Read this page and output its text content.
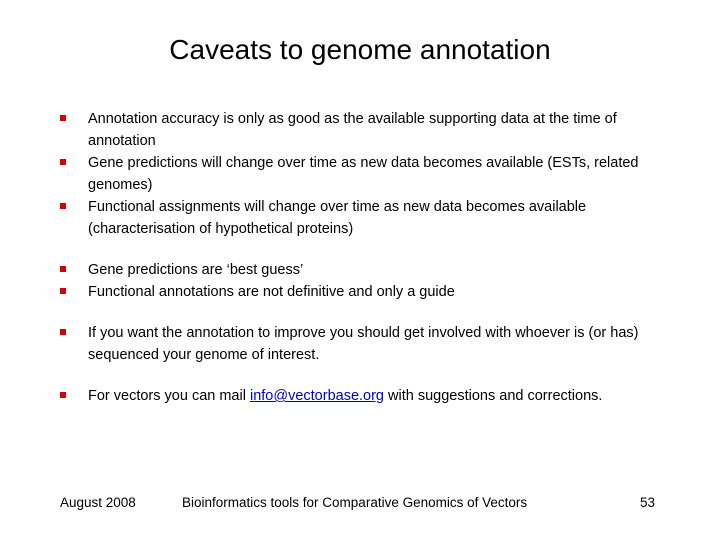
Caveats to genome annotation
Annotation accuracy is only as good as the available supporting data at the time of annotation
Gene predictions will change over time as new data becomes available (ESTs, related genomes)
Functional assignments will change over time as new data becomes available (characterisation of hypothetical proteins)
Gene predictions are ‘best guess’
Functional annotations are not definitive and only a guide
If you want the annotation to improve you should get involved with whoever is (or has) sequenced your genome of interest.
For vectors you can mail info@vectorbase.org with suggestions and corrections.
August 2008	Bioinformatics tools for Comparative Genomics of Vectors	53
